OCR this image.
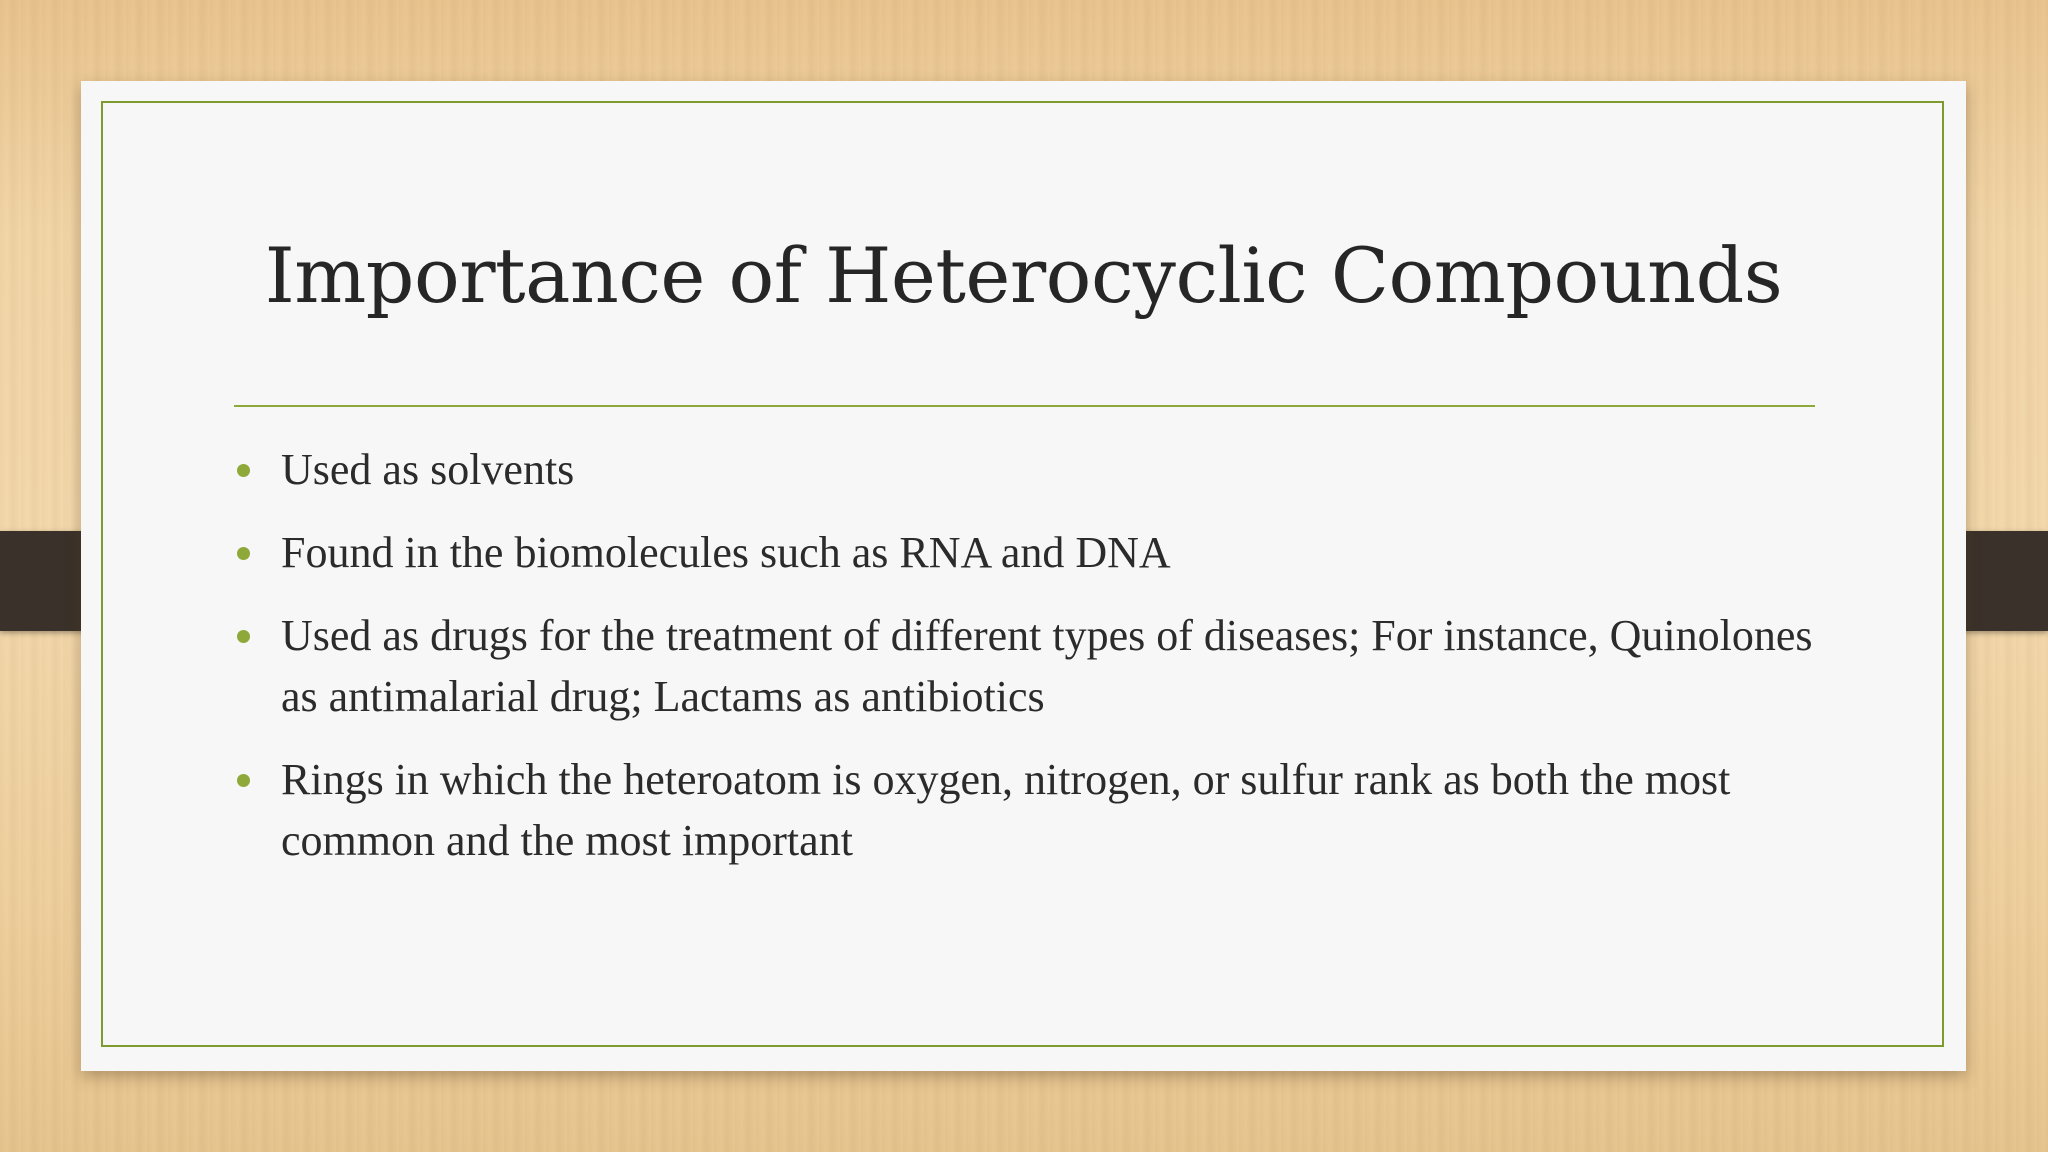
Importance of Heterocyclic Compounds
Used as solvents
Found in the biomolecules such as RNA and DNA
Used as drugs for the treatment of different types of diseases; For instance, Quinolones as antimalarial drug; Lactams as antibiotics
Rings in which the heteroatom is oxygen, nitrogen, or sulfur rank as both the most common and the most important
